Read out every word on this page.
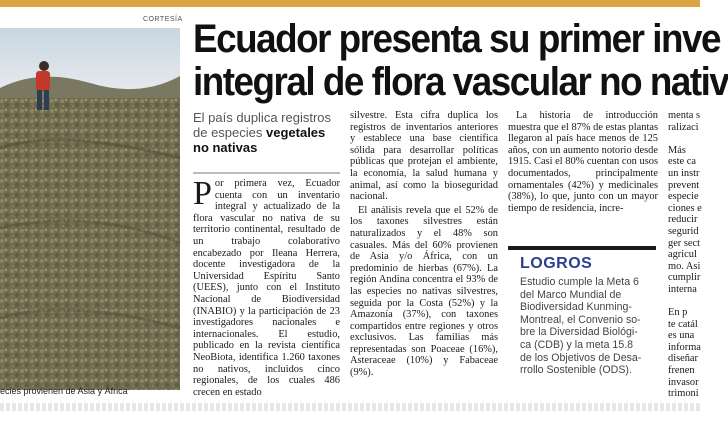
CORTESÍA
ecies provienen de Asia y África
Ecuador presenta su primer inve
integral de flora vascular no nativ
El país duplica registros de especies vegetales no nativas

Por primera vez, Ecuador cuenta con un inventario integral y actualizado de la flora vascular no nativa de su territorio continental, resultado de un trabajo colaborativo encabezado por Ileana Herrera, docente investigadora de la Universidad Espíritu Santo (UEES), junto con el Instituto Nacional de Biodiversidad (INABIO) y la participación de 23 investigadores nacionales e internacionales. El estudio, publicado en la revista científica NeoBiota, identifica 1.260 taxones no nativos, incluidos cinco regionales, de los cuales 486 crecen en estado

silvestre. Esta cifra duplica los registros de inventarios anteriores y establece una base científica sólida para desarrollar políticas públicas que protejan el ambiente, la economía, la salud humana y animal, así como la bioseguridad nacional.

El análisis revela que el 52% de los taxones silvestres están naturalizados y el 48% son casuales. Más del 60% provienen de Asia y/o África, con un predominio de hierbas (67%). La región Andina concentra el 93% de las especies no nativas silvestres, seguida por la Costa (52%) y la Amazonía (37%), con taxones compartidos entre regiones y otros exclusivos. Las familias más representadas son Poaceae (16%), Asteraceae (10%) y Fabaceae (9%).

La historia de introducción muestra que el 87% de estas plantas llegaron al país hace menos de 125 años, con un aumento notorio desde 1915. Casi el 80% cuentan con usos documentados, principalmente ornamentales (42%) y medicinales (38%), lo que, junto con un mayor tiempo de residencia, incre-

LOGROS
Estudio cumple la Meta 6
del Marco Mundial de
Biodiversidad Kunming-
Montreal, el Convenio so-
bre la Diversidad Biológi-
ca (CDB) y la meta 15.8
de los Objetivos de Desa-
rrollo Sostenible (ODS).
menta s
ralizaci
Más
este ca
un instr
prevent
especie
ciones e
reducir
segurid
ger sect
agricul
mo. Asi
cumplir
interna
En p
te catál
es una
informa
diseñar
frenen
invasor
trimoni
